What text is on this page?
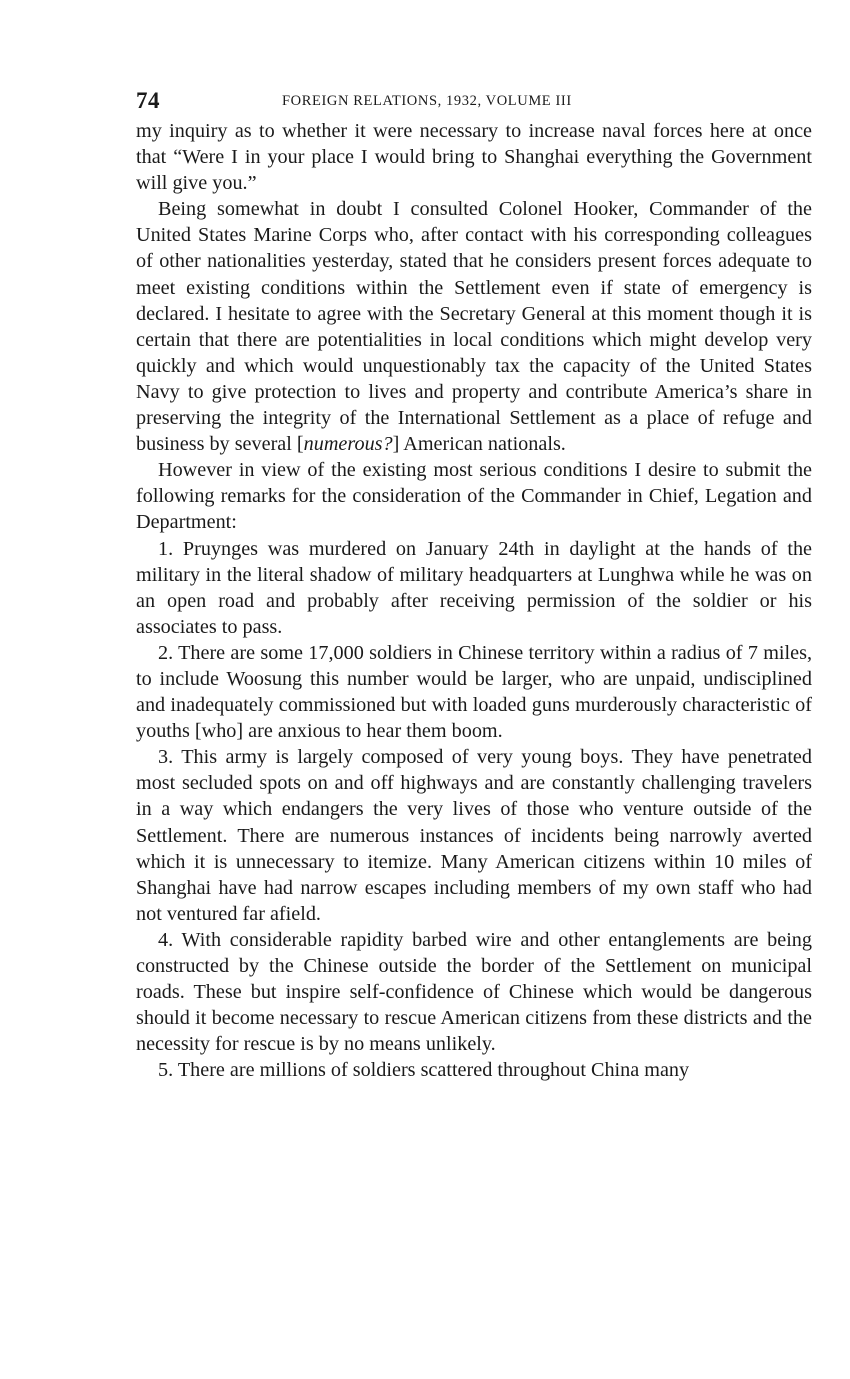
74	FOREIGN RELATIONS, 1932, VOLUME III

my inquiry as to whether it were necessary to increase naval forces here at once that “Were I in your place I would bring to Shanghai everything the Government will give you.”

Being somewhat in doubt I consulted Colonel Hooker, Commander of the United States Marine Corps who, after contact with his corresponding colleagues of other nationalities yesterday, stated that he considers present forces adequate to meet existing conditions within the Settlement even if state of emergency is declared. I hesitate to agree with the Secretary General at this moment though it is certain that there are potentialities in local conditions which might develop very quickly and which would unquestionably tax the capacity of the United States Navy to give protection to lives and property and contribute America’s share in preserving the integrity of the International Settlement as a place of refuge and business by several [numerous?] American nationals.

However in view of the existing most serious conditions I desire to submit the following remarks for the consideration of the Commander in Chief, Legation and Department:

1. Pruynges was murdered on January 24th in daylight at the hands of the military in the literal shadow of military headquarters at Lunghwa while he was on an open road and probably after receiving permission of the soldier or his associates to pass.

2. There are some 17,000 soldiers in Chinese territory within a radius of 7 miles, to include Woosung this number would be larger, who are unpaid, undisciplined and inadequately commissioned but with loaded guns murderously characteristic of youths [who] are anxious to hear them boom.

3. This army is largely composed of very young boys. They have penetrated most secluded spots on and off highways and are constantly challenging travelers in a way which endangers the very lives of those who venture outside of the Settlement. There are numerous instances of incidents being narrowly averted which it is unnecessary to itemize. Many American citizens within 10 miles of Shanghai have had narrow escapes including members of my own staff who had not ventured far afield.

4. With considerable rapidity barbed wire and other entanglements are being constructed by the Chinese outside the border of the Settlement on municipal roads. These but inspire self-confidence of Chinese which would be dangerous should it become necessary to rescue American citizens from these districts and the necessity for rescue is by no means unlikely.

5. There are millions of soldiers scattered throughout China many
